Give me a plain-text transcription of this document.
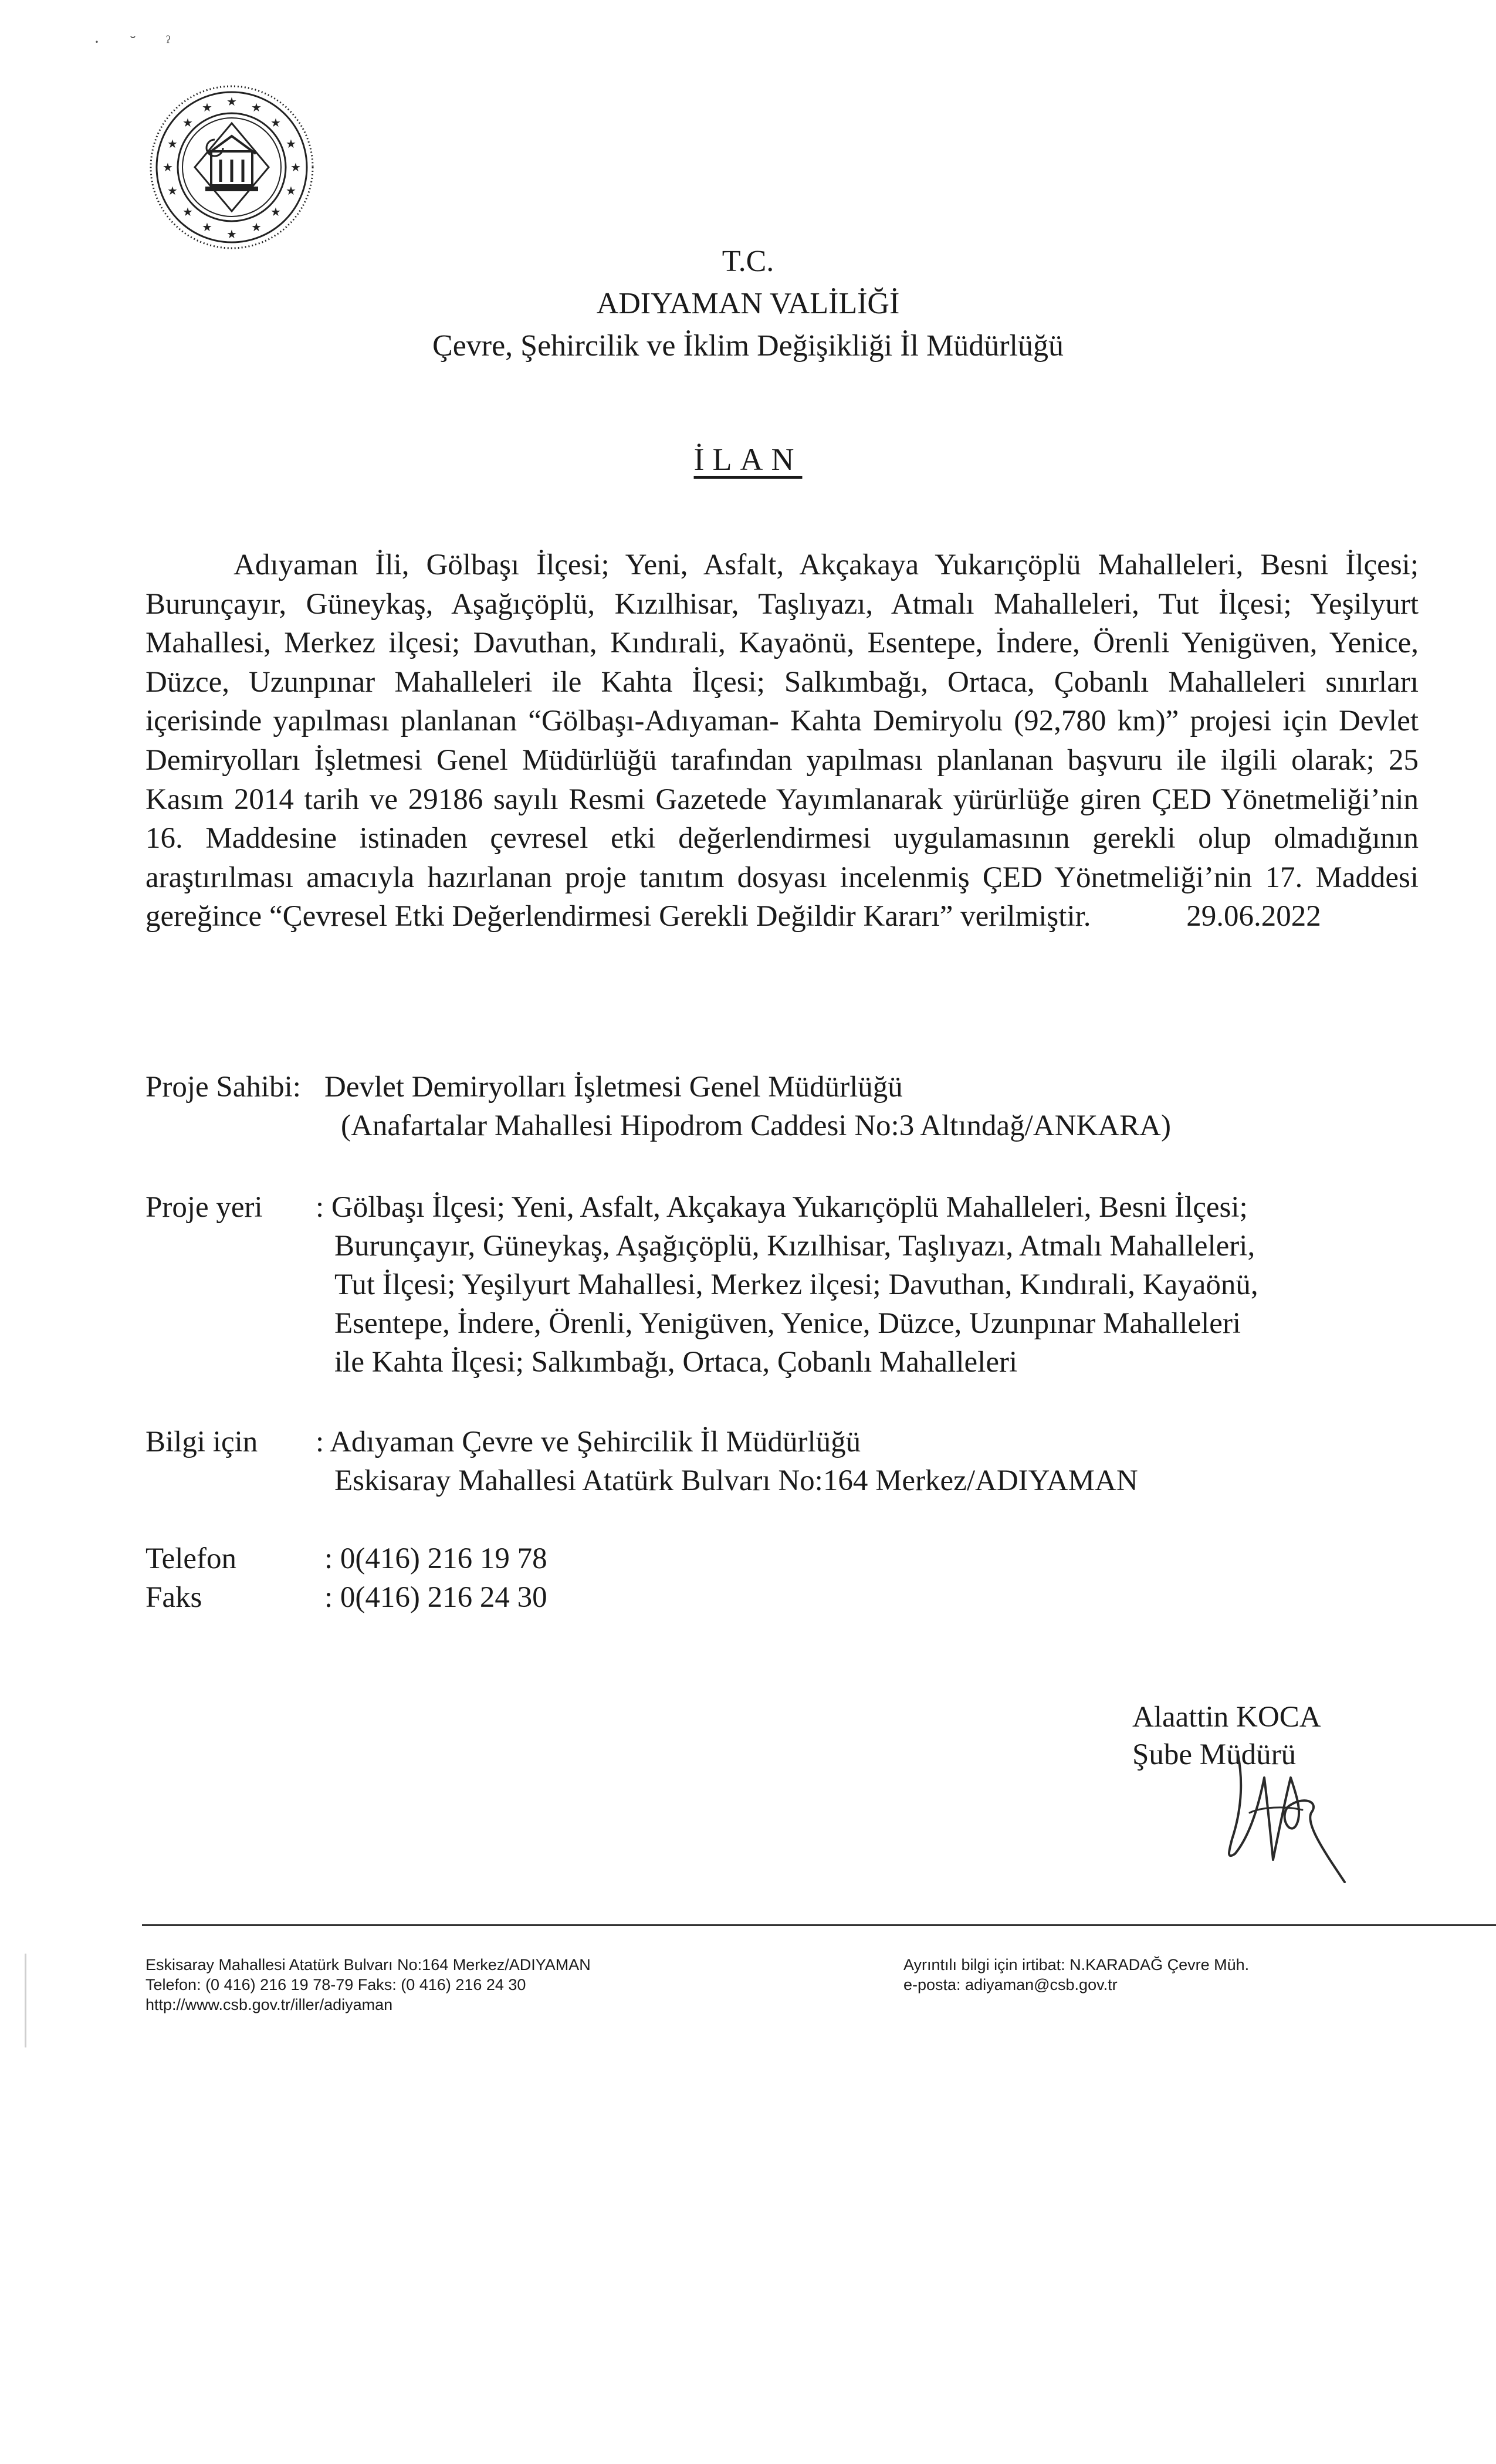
· ˘ ˀ
★
★	★
★	★
★	★
★	★
★	★
★	★
★	★
★
T.C.
ADIYAMAN VALİLİĞİ
Çevre, Şehircilik ve İklim Değişikliği İl Müdürlüğü
İLAN

Adıyaman İli, Gölbaşı İlçesi; Yeni, Asfalt, Akçakaya Yukarıçöplü Mahalleleri, Besni İlçesi; Burunçayır, Güneykaş, Aşağıçöplü, Kızılhisar, Taşlıyazı, Atmalı Mahalleleri, Tut İlçesi; Yeşilyurt Mahallesi, Merkez ilçesi; Davuthan, Kındırali, Kayaönü, Esentepe, İndere, Örenli Yenigüven, Yenice, Düzce, Uzunpınar Mahalleleri ile Kahta İlçesi; Salkımbağı, Ortaca, Çobanlı Mahalleleri sınırları içerisinde yapılması planlanan “Gölbaşı-Adıyaman- Kahta Demiryolu (92,780 km)” projesi için Devlet Demiryolları İşletmesi Genel Müdürlüğü tarafından yapılması planlanan başvuru ile ilgili olarak; 25 Kasım 2014 tarih ve 29186 sayılı Resmi Gazetede Yayımlanarak yürürlüğe giren ÇED Yönetmeliği’nin 16. Maddesine istinaden çevresel etki değerlendirmesi uygulamasının gerekli olup olmadığının araştırılması amacıyla hazırlanan proje tanıtım dosyası incelenmiş ÇED Yönetmeliği’nin 17. Maddesi gereğince “Çevresel Etki Değerlendirmesi Gerekli Değildir Kararı” verilmiştir.	29.06.2022

Proje Sahibi: Devlet Demiryolları İşletmesi Genel Müdürlüğü
(Anafartalar Mahallesi Hipodrom Caddesi No:3 Altındağ/ANKARA)
Proje yeri	: Gölbaşı İlçesi; Yeni, Asfalt, Akçakaya Yukarıçöplü Mahalleleri, Besni İlçesi;
Burunçayır, Güneykaş, Aşağıçöplü, Kızılhisar, Taşlıyazı, Atmalı Mahalleleri,
Tut İlçesi; Yeşilyurt Mahallesi, Merkez ilçesi; Davuthan, Kındırali, Kayaönü,
Esentepe, İndere, Örenli, Yenigüven, Yenice, Düzce, Uzunpınar Mahalleleri
ile Kahta İlçesi; Salkımbağı, Ortaca, Çobanlı Mahalleleri
Bilgi için	: Adıyaman Çevre ve Şehircilik İl Müdürlüğü
Eskisaray Mahallesi Atatürk Bulvarı No:164 Merkez/ADIYAMAN
Telefon	: 0(416) 216 19 78
Faks	: 0(416) 216 24 30
Alaattin KOCA
Şube Müdürü
Eskisaray Mahallesi Atatürk Bulvarı No:164 Merkez/ADIYAMAN
Telefon: (0 416) 216 19 78-79 Faks: (0 416) 216 24 30
http://www.csb.gov.tr/iller/adiyaman
Ayrıntılı bilgi için irtibat: N.KARADAĞ Çevre Müh.
e-posta: adiyaman@csb.gov.tr
